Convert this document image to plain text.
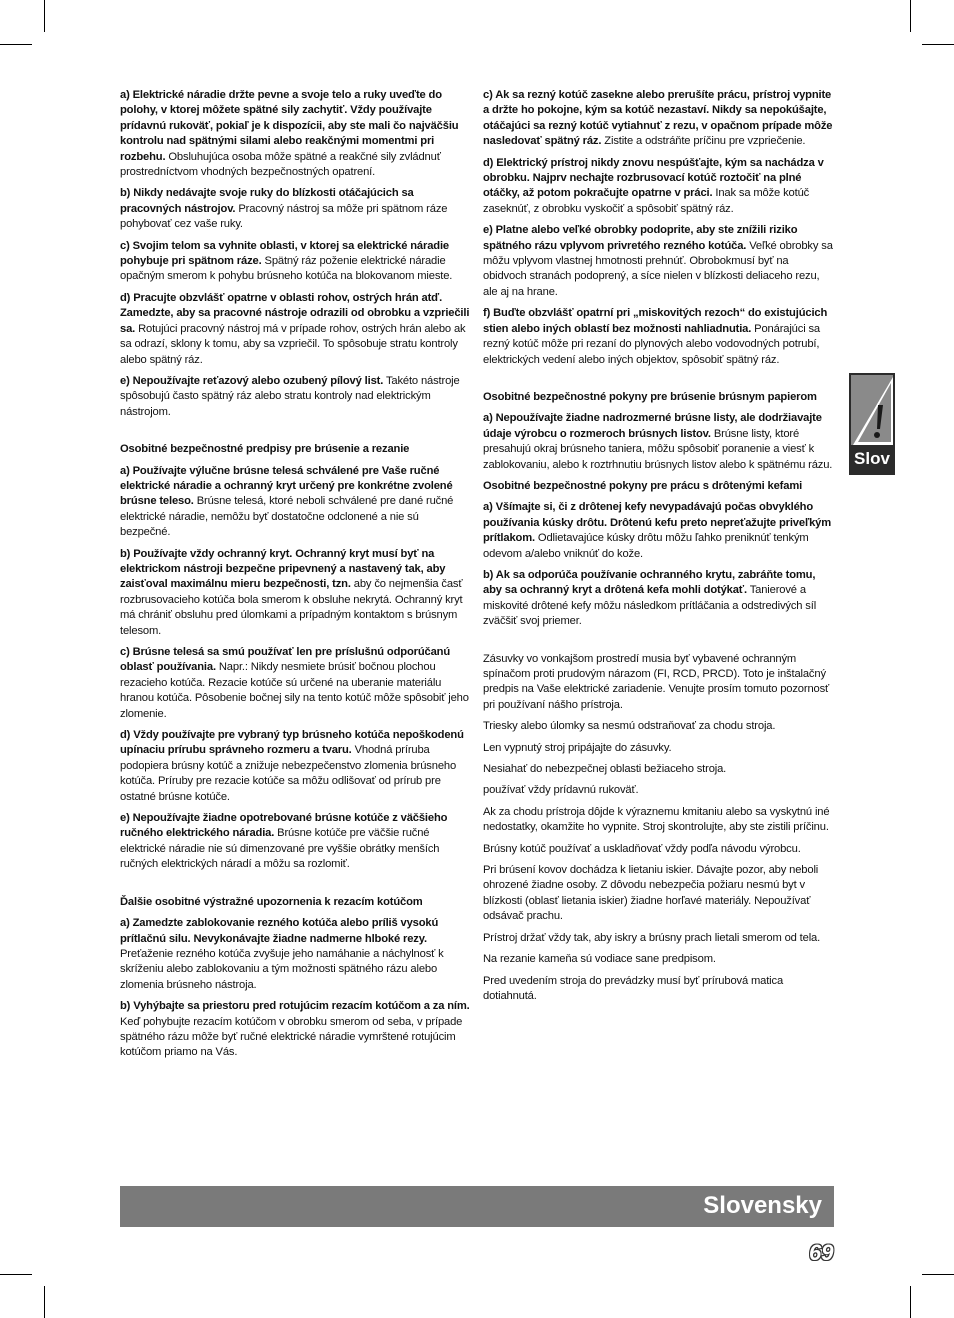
a) Elektrické náradie držte pevne a svoje telo a ruky uveďte do polohy, v ktorej môžete spätné sily zachytiť. Vždy používajte prídavnú rukoväť, pokiaľ je k dispozícii, aby ste mali čo najväčšiu kontrolu nad spätnými silami alebo reakčnými momentmi pri rozbehu. Obsluhujúca osoba môže spätné a reakčné sily zvládnuť prostredníctvom vhodných bezpečnostných opatrení.

b) Nikdy nedávajte svoje ruky do blízkosti otáčajúcich sa pracovných nástrojov. Pracovný nástroj sa môže pri spätnom ráze pohybovať cez vaše ruky.

c) Svojim telom sa vyhnite oblasti, v ktorej sa elektrické náradie pohybuje pri spätnom ráze. Spätný ráz poženie elektrické náradie opačným smerom k pohybu brúsneho kotúča na blokovanom mieste.

d) Pracujte obzvlášť opatrne v oblasti rohov, ostrých hrán atď. Zamedzte, aby sa pracovné nástroje odrazili od obrobku a vzpriečili sa. Rotujúci pracovný nástroj má v prípade rohov, ostrých hrán alebo ak sa odrazí, sklony k tomu, aby sa vzpriečil. To spôsobuje stratu kontroly alebo spätný ráz.

e) Nepoužívajte reťazový alebo ozubený pílový list. Takéto nástroje spôsobujú často spätný ráz alebo stratu kontroly nad elektrickým nástrojom.

Osobitné bezpečnostné predpisy pre brúsenie a rezanie

a) Používajte výlučne brúsne telesá schválené pre Vaše ručné elektrické náradie a ochranný kryt určený pre konkrétne zvolené brúsne teleso. Brúsne telesá, ktoré neboli schválené pre dané ručné elektrické náradie, nemôžu byť dostatočne odclonené a nie sú bezpečné.

b) Používajte vždy ochranný kryt. Ochranný kryt musí byť na elektrickom nástroji bezpečne pripevnený a nastavený tak, aby zaisťoval maximálnu mieru bezpečnosti, tzn. aby čo nejmenšia časť rozbrusovacieho kotúča bola smerom k obsluhe nekrytá. Ochranný kryt má chrániť obsluhu pred úlomkami a prípadným kontaktom s brúsnym telesom.

c) Brúsne telesá sa smú používať len pre príslušnú odporúčanú oblasť používania. Napr.: Nikdy nesmiete brúsiť bočnou plochou rezacieho kotúča. Rezacie kotúče sú určené na uberanie materiálu hranou kotúča. Pôsobenie bočnej sily na tento kotúč môže spôsobiť jeho zlomenie.

d) Vždy používajte pre vybraný typ brúsneho kotúča nepoškodenú upínaciu prírubu správneho rozmeru a tvaru. Vhodná príruba podopiera brúsny kotúč a znižuje nebezpečenstvo zlomenia brúsneho kotúča. Príruby pre rezacie kotúče sa môžu odlišovať od prírub pre ostatné brúsne kotúče.

e) Nepoužívajte žiadne opotrebované brúsne kotúče z väčšieho ručného elektrického náradia. Brúsne kotúče pre väčšie ručné elektrické náradie nie sú dimenzované pre vyššie obrátky menších ručných elektrických náradí a môžu sa rozlomiť.

Ďalšie osobitné výstražné upozornenia k rezacím kotúčom

a) Zamedzte zablokovanie rezného kotúča alebo príliš vysokú prítlačnú silu. Nevykonávajte žiadne nadmerne hlboké rezy. Preťaženie rezného kotúča zvyšuje jeho namáhanie a náchylnosť k skríženiu alebo zablokovaniu a tým možnosti spätného rázu alebo zlomenia brúsneho nástroja.

b) Vyhýbajte sa priestoru pred rotujúcim rezacím kotúčom a za ním. Keď pohybujte rezacím kotúčom v obrobku smerom od seba, v prípade spätného rázu môže byť ručné elektrické náradie vymrštené rotujúcim kotúčom priamo na Vás.

c) Ak sa rezný kotúč zasekne alebo prerušíte prácu, prístroj vypnite a držte ho pokojne, kým sa kotúč nezastaví. Nikdy sa nepokúšajte, otáčajúci sa rezný kotúč vytiahnuť z rezu, v opačnom prípade môže nasledovať spätný ráz. Zistite a odstráňte príčinu pre vzpriečenie.

d) Elektrický prístroj nikdy znovu nespúšťajte, kým sa nachádza v obrobku. Najprv nechajte rozbrusovací kotúč roztočiť na plné otáčky, až potom pokračujte opatrne v práci. Inak sa môže kotúč zaseknúť, z obrobku vyskočiť a spôsobiť spätný ráz.

e) Platne alebo veľké obrobky podoprite, aby ste znížili riziko spätného rázu vplyvom privretého rezného kotúča. Veľké obrobky sa môžu vplyvom vlastnej hmotnosti prehnúť. Obrobokmusí byť na obidvoch stranách podoprený, a síce nielen v blízkosti deliaceho rezu, ale aj na hrane.

f) Buďte obzvlášť opatrní pri „miskovitých rezoch“ do existujúcich stien alebo iných oblastí bez možnosti nahliadnutia. Ponárajúci sa rezný kotúč môže pri rezaní do plynových alebo vodovodných potrubí, elektrických vedení alebo iných objektov, spôsobiť spätný ráz.

Osobitné bezpečnostné pokyny pre brúsenie brúsnym papierom

a) Nepoužívajte žiadne nadrozmerné brúsne listy, ale dodržiavajte údaje výrobcu o rozmeroch brúsnych listov. Brúsne listy, ktoré presahujú okraj brúsneho taniera, môžu spôsobiť poranenie a viesť k zablokovaniu, alebo k roztrhnutiu brúsnych listov alebo k spätnému rázu.

Osobitné bezpečnostné pokyny pre prácu s drôtenými kefami

a) Všímajte si, či z drôtenej kefy nevypadávajú počas obvyklého používania kúsky drôtu. Drôtenú kefu preto nepreťažujte priveľkým prítlakom. Odlietavajúce kúsky drôtu môžu ľahko preniknúť tenkým odevom a/alebo vniknúť do kože.

b) Ak sa odporúča používanie ochranného krytu, zabráňte tomu, aby sa ochranný kryt a drôtená kefa mohli dotýkať. Tanierové a miskovité drôtené kefy môžu následkom prítláčania a odstredivých síl zväčšiť svoj priemer.

Zásuvky vo vonkajšom prostredí musia byť vybavené ochranným spínačom proti prudovým nárazom (FI, RCD, PRCD). Toto je inštalačný predpis na Vaše elektrické zariadenie. Venujte prosím tomuto pozornosť pri používaní nášho prístroja.

Triesky alebo úlomky sa nesmú odstraňovať za chodu stroja.

Len vypnutý stroj pripájajte do zásuvky.

Nesiahať do nebezpečnej oblasti bežiaceho stroja.

používať vždy prídavnú rukoväť.

Ak za chodu prístroja dôjde k výraznemu kmitaniu alebo sa vyskytnú iné nedostatky, okamžite ho vypnite. Stroj skontrolujte, aby ste zistili príčinu.

Brúsny kotúč používať a uskladňovať vždy podľa návodu výrobcu.

Pri brúsení kovov dochádza k lietaniu iskier. Dávajte pozor, aby neboli ohrozené žiadne osoby. Z dôvodu nebezpečia požiaru nesmú byt v blízkosti (oblasť lietania iskier) žiadne horľavé materiály. Nepoužívať odsávač prachu.

Prístroj držať vždy tak, aby iskry a brúsny prach lietali smerom od tela.

Na rezanie kameňa sú vodiace sane predpisom.

Pred uvedením stroja do prevádzky musí byť prírubová matica dotiahnutá.

Slov
Slovensky
69
